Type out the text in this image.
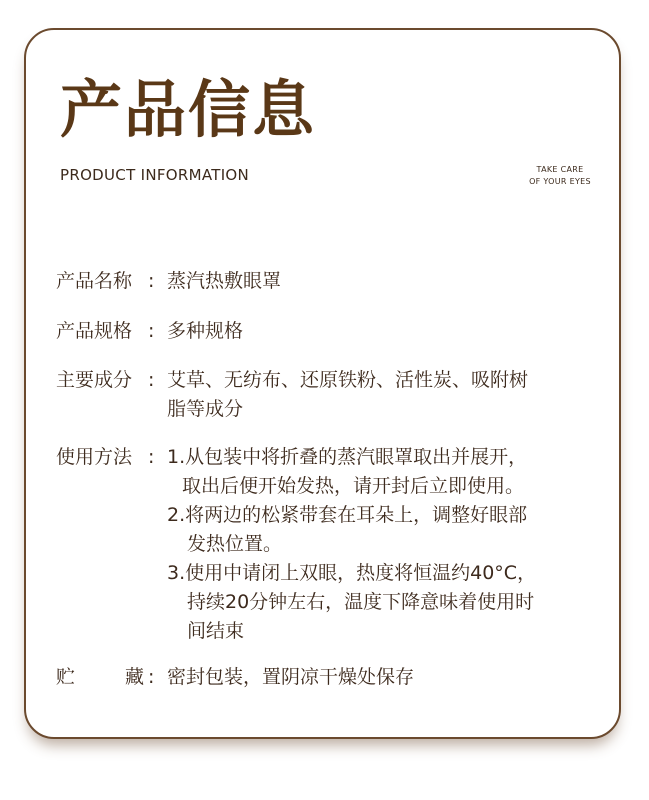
产品信息
PRODUCT INFORMATION	TAKE CARE
OF YOUR EYES
产品名称 : 蒸汽热敷眼罩
产品规格 : 多种规格
主要成分 : 艾草、无纺布、还原铁粉、活性炭、吸附树
脂等成分
使用方法 : 1.从包装中将折叠的蒸汽眼罩取出并展开，
取出后便开始发热，请开封后立即使用。
2.将两边的松紧带套在耳朵上，调整好眼部
发热位置。
3.使用中请闭上双眼，热度将恒温约40°C，
持续20分钟左右，温度下降意味着使用时
间结束
贮	藏 : 密封包装，置阴凉干燥处保存
